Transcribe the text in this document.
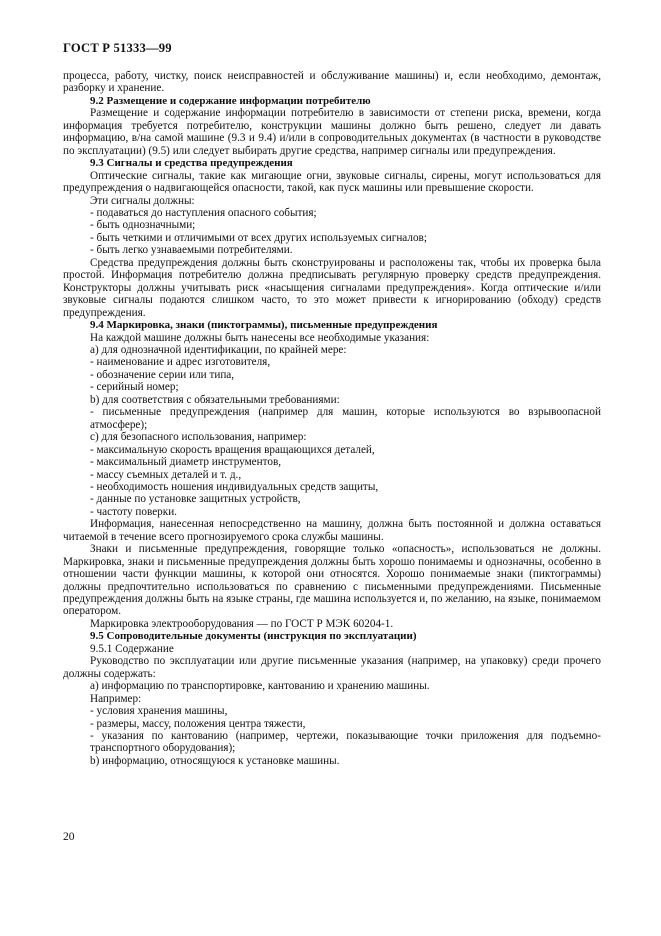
ГОСТ Р 51333—99

процесса, работу, чистку, поиск неисправностей и обслуживание машины) и, если необходимо, демонтаж, разборку и хранение.

9.2 Размещение и содержание информации потребителю

Размещение и содержание информации потребителю в зависимости от степени риска, времени, когда информация требуется потребителю, конструкции машины должно быть решено, следует ли давать информацию, в/на самой машине (9.3 и 9.4) и/или в сопроводительных документах (в частности в руководстве по эксплуатации) (9.5) или следует выбирать другие средства, например сигналы или предупреждения.

9.3 Сигналы и средства предупреждения

Оптические сигналы, такие как мигающие огни, звуковые сигналы, сирены, могут использоваться для предупреждения о надвигающейся опасности, такой, как пуск машины или превышение скорости.

Эти сигналы должны:

- подаваться до наступления опасного события;

- быть однозначными;

- быть четкими и отличимыми от всех других используемых сигналов;

- быть легко узнаваемыми потребителями.

Средства предупреждения должны быть сконструированы и расположены так, чтобы их проверка была простой. Информация потребителю должна предписывать регулярную проверку средств предупреждения. Конструкторы должны учитывать риск «насыщения сигналами предупреждения». Когда оптические и/или звуковые сигналы подаются слишком часто, то это может привести к игнорированию (обходу) средств предупреждения.

9.4 Маркировка, знаки (пиктограммы), письменные предупреждения

На каждой машине должны быть нанесены все необходимые указания:

a) для однозначной идентификации, по крайней мере:

- наименование и адрес изготовителя,

- обозначение серии или типа,

- серийный номер;

b) для соответствия с обязательными требованиями:

- письменные предупреждения (например для машин, которые используются во взрывоопасной атмосфере);

c) для безопасного использования, например:

- максимальную скорость вращения вращающихся деталей,

- максимальный диаметр инструментов,

- массу съемных деталей и т. д.,

- необходимость ношения индивидуальных средств защиты,

- данные по установке защитных устройств,

- частоту поверки.

Информация, нанесенная непосредственно на машину, должна быть постоянной и должна оставаться читаемой в течение всего прогнозируемого срока службы машины.

Знаки и письменные предупреждения, говорящие только «опасность», использоваться не должны. Маркировка, знаки и письменные предупреждения должны быть хорошо понимаемы и однозначны, особенно в отношении части функции машины, к которой они относятся. Хорошо понимаемые знаки (пиктограммы) должны предпочтительно использоваться по сравнению с письменными предупреждениями. Письменные предупреждения должны быть на языке страны, где машина используется и, по желанию, на языке, понимаемом оператором.

Маркировка электрооборудования — по ГОСТ Р МЭК 60204-1.

9.5 Сопроводительные документы (инструкция по эксплуатации)

9.5.1 Содержание

Руководство по эксплуатации или другие письменные указания (например, на упаковку) среди прочего должны содержать:

a) информацию по транспортировке, кантованию и хранению машины.

Например:

- условия хранения машины,

- размеры, массу, положения центра тяжести,

- указания по кантованию (например, чертежи, показывающие точки приложения для подъемно-транспортного оборудования);

b) информацию, относящуюся к установке машины.

20
